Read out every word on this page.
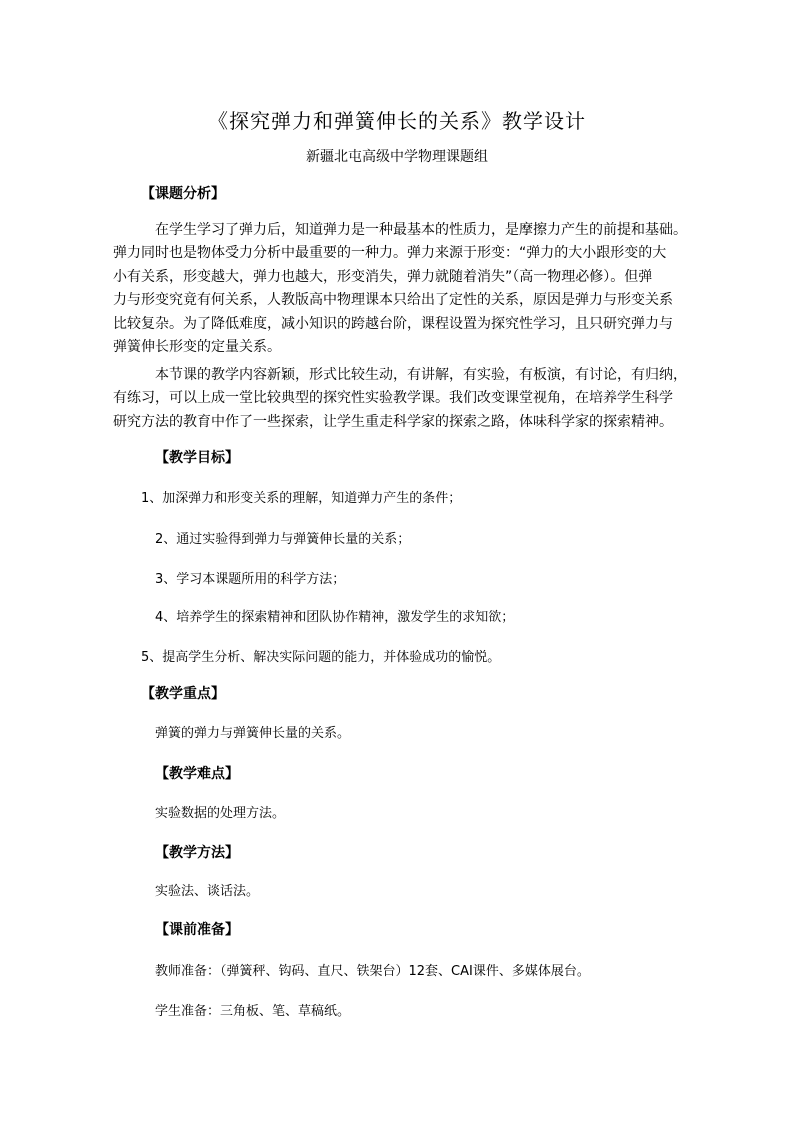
《探究弹力和弹簧伸长的关系》教学设计
新疆北屯高级中学物理课题组
【课题分析】
在学生学习了弹力后，知道弹力是一种最基本的性质力，是摩擦力产生的前提和基础。
弹力同时也是物体受力分析中最重要的一种力。弹力来源于形变：“弹力的大小跟形变的大
小有关系，形变越大，弹力也越大，形变消失，弹力就随着消失”（高一物理必修）。但弹
力与形变究竟有何关系，人教版高中物理课本只给出了定性的关系，原因是弹力与形变关系
比较复杂。为了降低难度，减小知识的跨越台阶，课程设置为探究性学习，且只研究弹力与
弹簧伸长形变的定量关系。
本节课的教学内容新颖，形式比较生动，有讲解，有实验，有板演，有讨论，有归纳，
有练习，可以上成一堂比较典型的探究性实验教学课。我们改变课堂视角，在培养学生科学
研究方法的教育中作了一些探索，让学生重走科学家的探索之路，体味科学家的探索精神。
【教学目标】
1、加深弹力和形变关系的理解，知道弹力产生的条件；
2、通过实验得到弹力与弹簧伸长量的关系；
3、学习本课题所用的科学方法；
4、培养学生的探索精神和团队协作精神，激发学生的求知欲；
5、提高学生分析、解决实际问题的能力，并体验成功的愉悦。
【教学重点】
弹簧的弹力与弹簧伸长量的关系。
【教学难点】
实验数据的处理方法。
【教学方法】
实验法、谈话法。
【课前准备】
教师准备：（弹簧秤、钩码、直尺、铁架台）12套、CAI课件、多媒体展台。
学生准备：三角板、笔、草稿纸。
